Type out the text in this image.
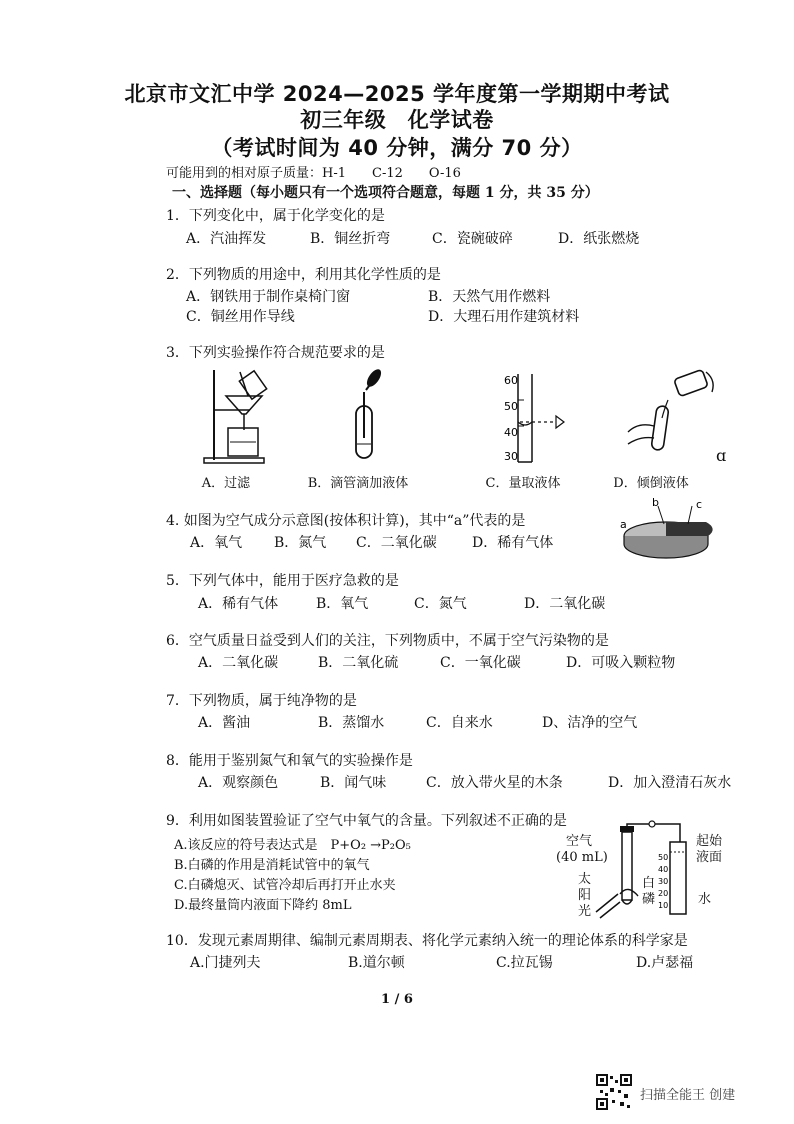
北京市文汇中学 2024—2025 学年度第一学期期中考试
初三年级　化学试卷
（考试时间为 40 分钟，满分 70 分）
可能用到的相对原子质量：H-1　　C-12　　O-16
一、选择题（每小题只有一个选项符合题意，每题 1 分，共 35 分）
1．下列变化中，属于化学变化的是
A．汽油挥发	B．铜丝折弯	C．瓷碗破碎	D．纸张燃烧
2．下列物质的用途中，利用其化学性质的是
A．钢铁用于制作桌椅门窗	B．天然气用作燃料
C．铜丝用作导线	D．大理石用作建筑材料
3．下列实验操作符合规范要求的是
A．过滤	B．滴管滴加液体
60
50
40
30
C．量取液体
ɑ
D．倾倒液体
4. 如图为空气成分示意图(按体积计算)，其中“a”代表的是
A．氧气 B．氮气 C．二氧化碳	D．稀有气体
a
b	c
5．下列气体中，能用于医疗急救的是
A．稀有气体	B．氧气	C．氮气	D．二氧化碳
6．空气质量日益受到人们的关注，下列物质中，不属于空气污染物的是
A．二氧化碳	B．二氧化硫	C．一氧化碳	D．可吸入颗粒物
7．下列物质，属于纯净物的是
A．酱油	B．蒸馏水	C．自来水	D、洁净的空气
8．能用于鉴别氮气和氧气的实验操作是
A．观察颜色	B．闻气味	C．放入带火星的木条	D．加入澄清石灰水
9．利用如图装置验证了空气中氧气的含量。下列叙述不正确的是
A.该反应的符号表达式是　P+O₂ →P₂O₅
B.白磷的作用是消耗试管中的氧气
C.白磷熄灭、试管冷却后再打开止水夹
D.最终量筒内液面下降约 8mL
空气
(40 mL)
太阳光
白磷
起始液面
水
50
40
30
20
10
10．发现元素周期律、编制元素周期表、将化学元素纳入统一的理论体系的科学家是
A.门捷列夫	B.道尔顿	C.拉瓦锡	D.卢瑟福
1 / 6
扫描全能王 创建
